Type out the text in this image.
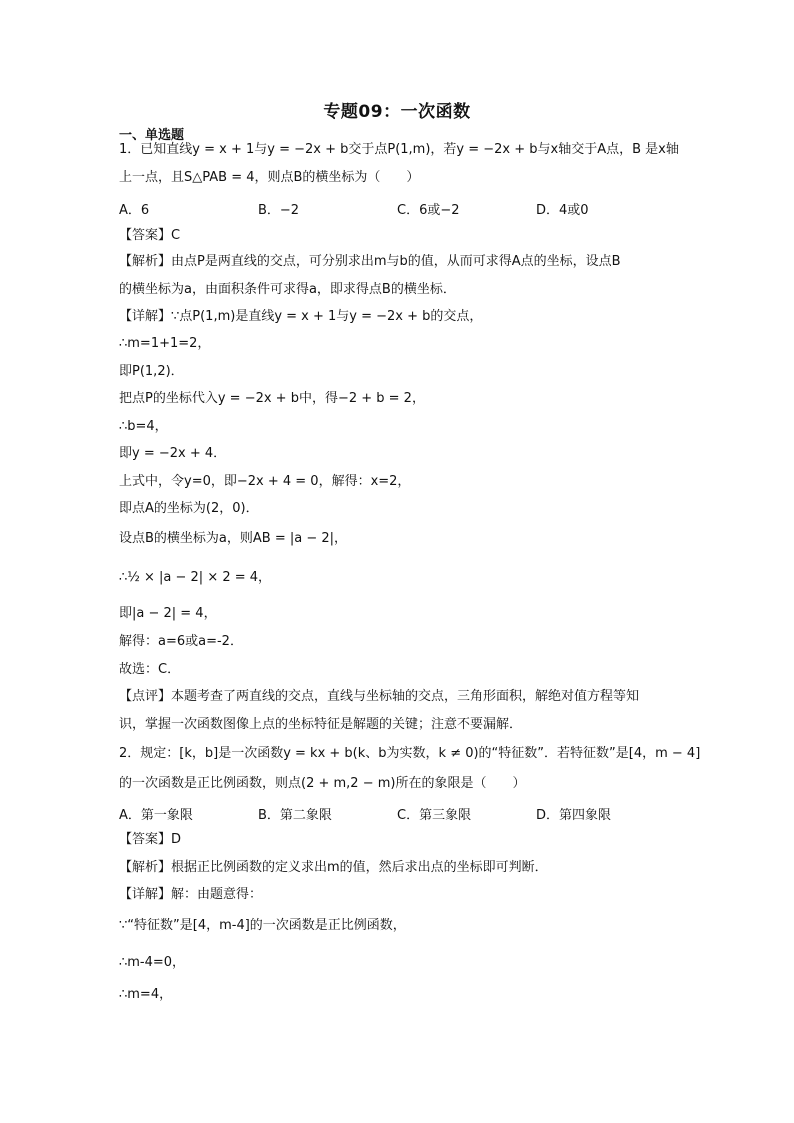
专题09：一次函数
一、单选题
1．已知直线y = x + 1与y = −2x + b交于点P(1,m)，若y = −2x + b与x轴交于A点，B 是x轴
上一点，且S△PAB = 4，则点B的横坐标为（　　）
A．6	B．−2	C．6或−2	D．4或0
【答案】C
【解析】由点P是两直线的交点，可分别求出m与b的值，从而可求得A点的坐标，设点B
的横坐标为a，由面积条件可求得a，即求得点B的横坐标．
【详解】∵点P(1,m)是直线y = x + 1与y = −2x + b的交点，
∴m=1+1=2，
即P(1,2)．
把点P的坐标代入y = −2x + b中，得−2 + b = 2，
∴b=4，
即y = −2x + 4．
上式中，令y=0，即−2x + 4 = 0，解得：x=2，
即点A的坐标为(2，0)．
设点B的横坐标为a，则AB = |a − 2|，
∴½ × |a − 2| × 2 = 4，
即|a − 2| = 4，
解得：a=6或a=-2．
故选：C．
【点评】本题考查了两直线的交点，直线与坐标轴的交点，三角形面积，解绝对值方程等知
识，掌握一次函数图像上点的坐标特征是解题的关键；注意不要漏解．
2．规定：[k，b]是一次函数y = kx + b(k、b为实数，k ≠ 0)的“特征数”．若特征数”是[4，m − 4]
的一次函数是正比例函数，则点(2 + m,2 − m)所在的象限是（　　）
A．第一象限	B．第二象限	C．第三象限	D．第四象限
【答案】D
【解析】根据正比例函数的定义求出m的值，然后求出点的坐标即可判断．
【详解】解：由题意得：
∵“特征数”是[4，m-4]的一次函数是正比例函数，
∴m-4=0，
∴m=4，
